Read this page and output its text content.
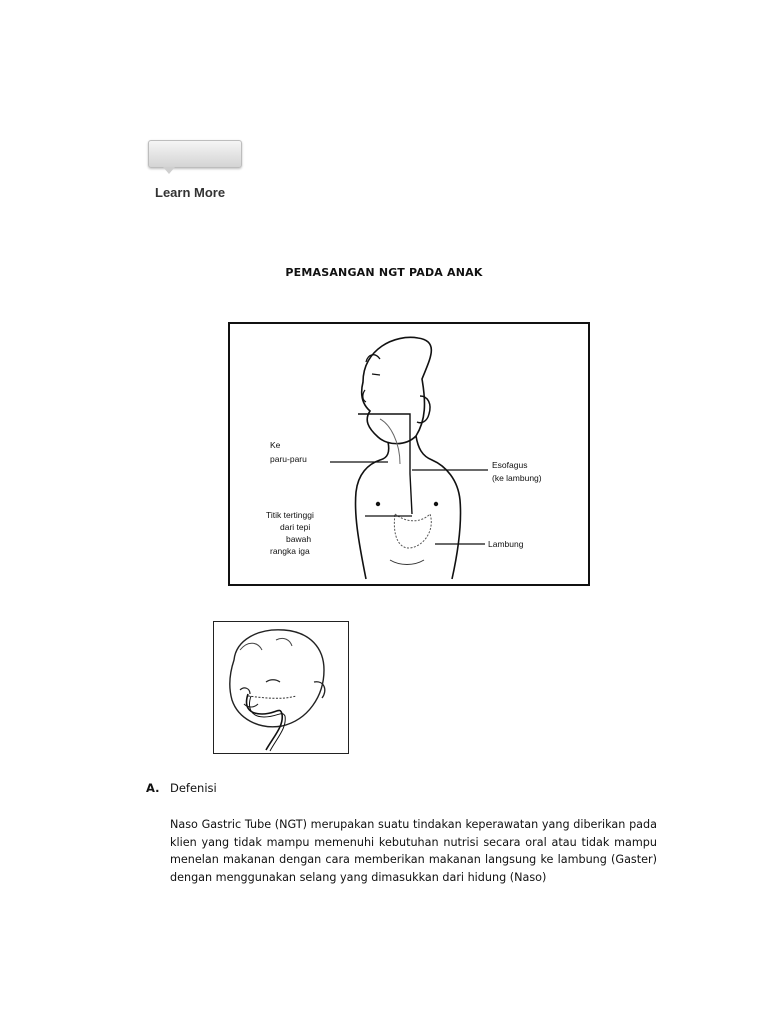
Learn More
PEMASANGAN NGT PADA ANAK
Ke
paru-paru
Esofagus
(ke lambung)
Titik tertinggi
dari tepi
bawah
rangka iga
Lambung
A. Defenisi
Naso Gastric Tube (NGT) merupakan suatu tindakan keperawatan yang diberikan pada klien yang tidak mampu memenuhi kebutuhan nutrisi secara oral atau tidak mampu menelan makanan dengan cara memberikan makanan langsung ke lambung (Gaster) dengan menggunakan selang yang dimasukkan dari hidung (Naso)
